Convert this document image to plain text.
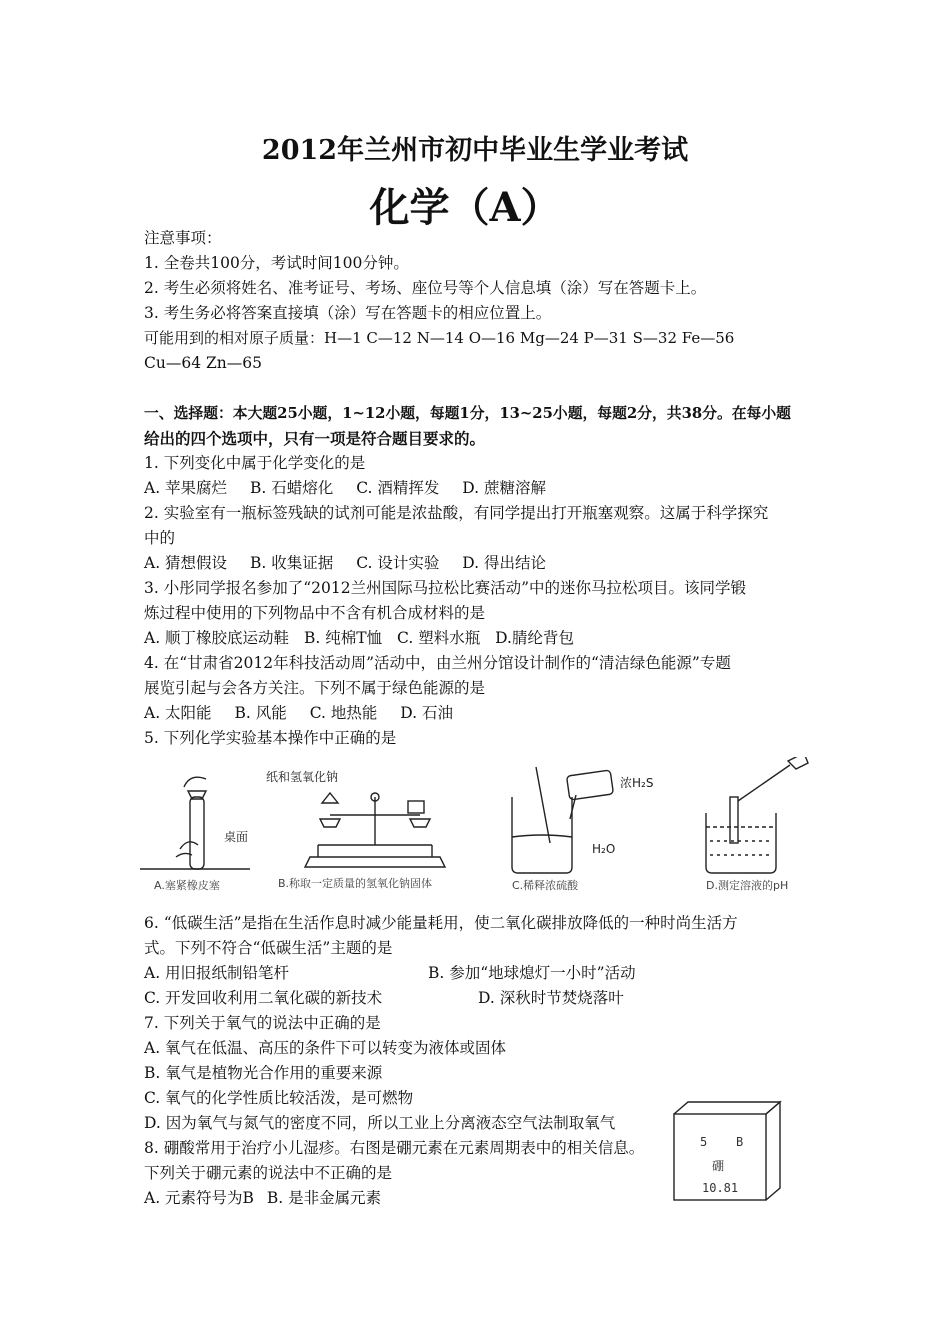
2012年兰州市初中毕业生学业考试
化学（A）
注意事项：
1. 全卷共100分，考试时间100分钟。
2. 考生必须将姓名、准考证号、考场、座位号等个人信息填（涂）写在答题卡上。
3. 考生务必将答案直接填（涂）写在答题卡的相应位置上。
可能用到的相对原子质量：H—1 C—12 N—14 O—16 Mg—24 P—31 S—32 Fe—56
Cu—64 Zn—65
一、选择题：本大题25小题，1~12小题，每题1分，13~25小题，每题2分，共38分。在每小题
给出的四个选项中，只有一项是符合题目要求的。
1. 下列变化中属于化学变化的是
A. 苹果腐烂 B. 石蜡熔化 C. 酒精挥发 D. 蔗糖溶解
2. 实验室有一瓶标签残缺的试剂可能是浓盐酸，有同学提出打开瓶塞观察。这属于科学探究
中的
A. 猜想假设 B. 收集证据 C. 设计实验 D. 得出结论
3. 小彤同学报名参加了“2012兰州国际马拉松比赛活动”中的迷你马拉松项目。该同学锻
炼过程中使用的下列物品中不含有机合成材料的是
A. 顺丁橡胶底运动鞋 B. 纯棉T恤 C. 塑料水瓶 D.腈纶背包
4. 在“甘肃省2012年科技活动周”活动中，由兰州分馆设计制作的“清洁绿色能源”专题
展览引起与会各方关注。下列不属于绿色能源的是
A. 太阳能 B. 风能 C. 地热能 D. 石油
5. 下列化学实验基本操作中正确的是
桌面
A.塞紧橡皮塞
纸和氢氧化钠
B.称取一定质量的氢氧化钠固体
浓H₂S
H₂O
C.稀释浓硫酸	D.测定溶液的pH
6. “低碳生活”是指在生活作息时减少能量耗用，使二氧化碳排放降低的一种时尚生活方
式。下列不符合“低碳生活”主题的是
A. 用旧报纸制铅笔杆	B. 参加“地球熄灯一小时”活动
C. 开发回收利用二氧化碳的新技术	D. 深秋时节焚烧落叶
7. 下列关于氧气的说法中正确的是
A. 氧气在低温、高压的条件下可以转变为液体或固体
B. 氧气是植物光合作用的重要来源
C. 氧气的化学性质比较活泼，是可燃物
D. 因为氧气与氮气的密度不同，所以工业上分离液态空气法制取氧气
8. 硼酸常用于治疗小儿湿疹。右图是硼元素在元素周期表中的相关信息。
下列关于硼元素的说法中不正确的是
A. 元素符号为B B. 是非金属元素
5 B
硼
10.81
